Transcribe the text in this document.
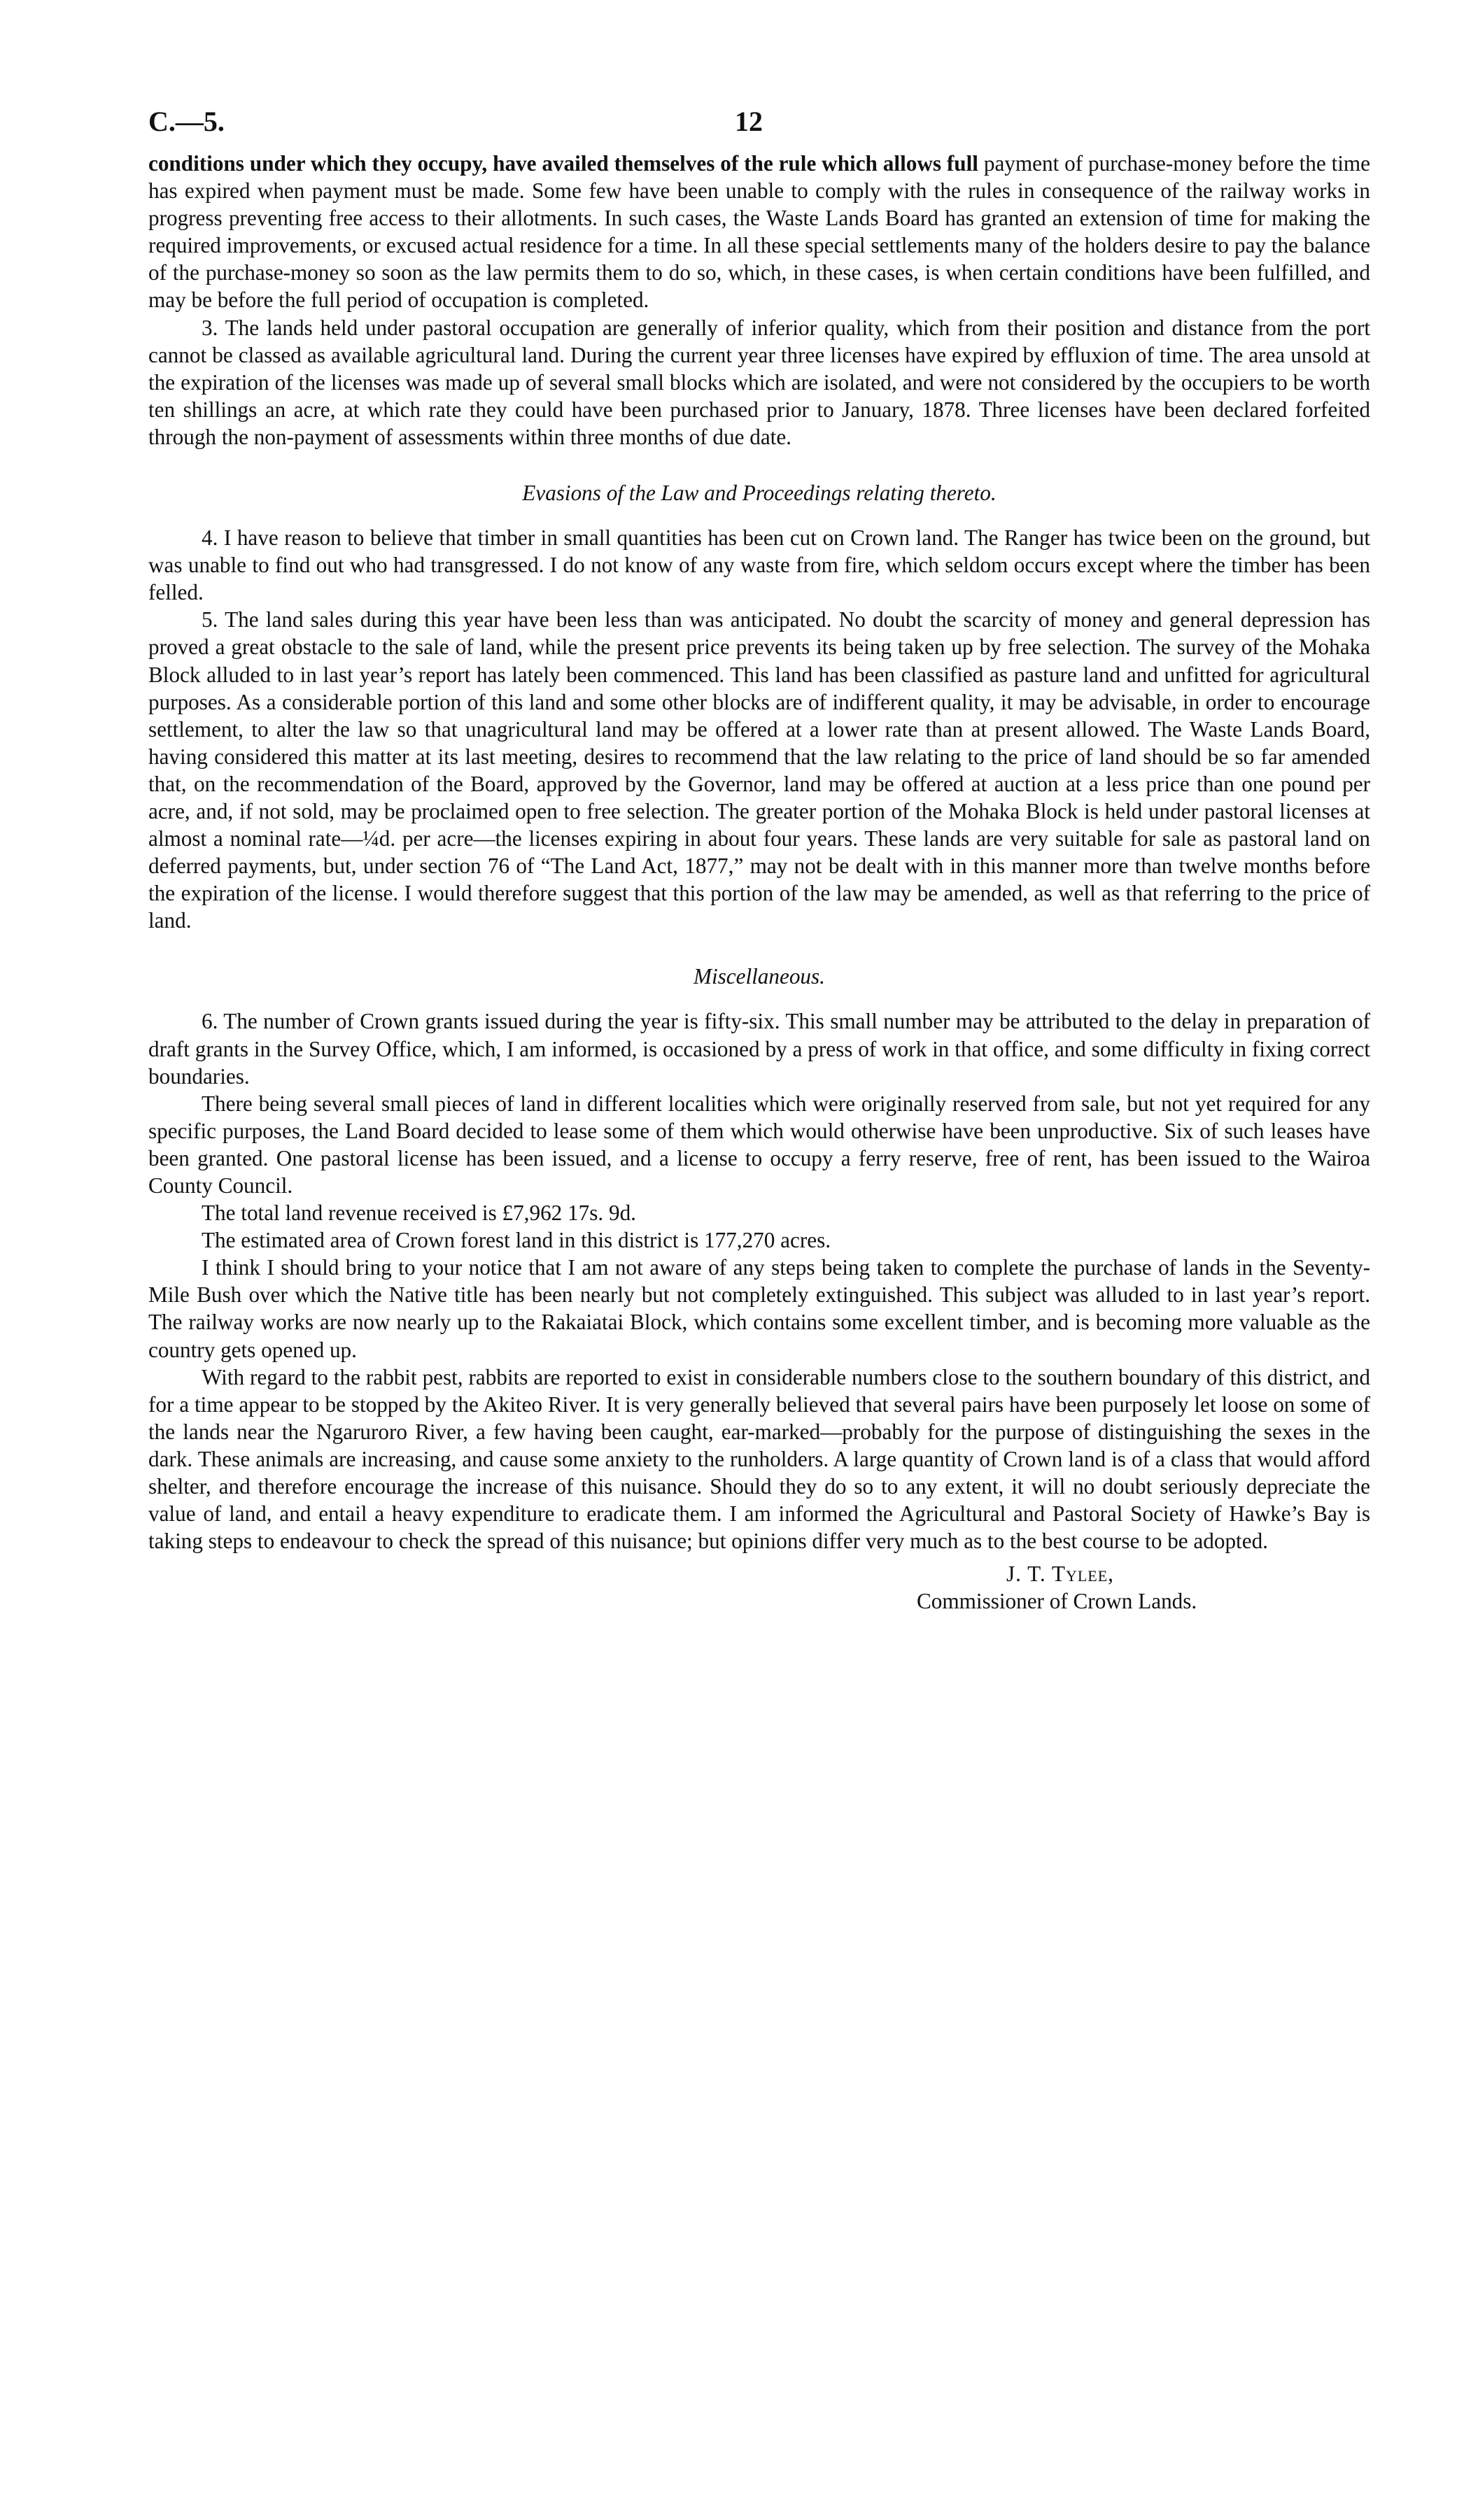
C.—5.	12

conditions under which they occupy, have availed themselves of the rule which allows full payment of purchase-money before the time has expired when payment must be made. Some few have been unable to comply with the rules in consequence of the railway works in progress preventing free access to their allotments. In such cases, the Waste Lands Board has granted an extension of time for making the required improvements, or excused actual residence for a time. In all these special settlements many of the holders desire to pay the balance of the purchase-money so soon as the law permits them to do so, which, in these cases, is when certain conditions have been fulfilled, and may be before the full period of occupation is completed.

3. The lands held under pastoral occupation are generally of inferior quality, which from their position and distance from the port cannot be classed as available agricultural land. During the current year three licenses have expired by effluxion of time. The area unsold at the expiration of the licenses was made up of several small blocks which are isolated, and were not considered by the occupiers to be worth ten shillings an acre, at which rate they could have been purchased prior to January, 1878. Three licenses have been declared forfeited through the non-payment of assessments within three months of due date.

Evasions of the Law and Proceedings relating thereto.

4. I have reason to believe that timber in small quantities has been cut on Crown land. The Ranger has twice been on the ground, but was unable to find out who had transgressed. I do not know of any waste from fire, which seldom occurs except where the timber has been felled.

5. The land sales during this year have been less than was anticipated. No doubt the scarcity of money and general depression has proved a great obstacle to the sale of land, while the present price prevents its being taken up by free selection. The survey of the Mohaka Block alluded to in last year’s report has lately been commenced. This land has been classified as pasture land and unfitted for agricultural purposes. As a considerable portion of this land and some other blocks are of indifferent quality, it may be advisable, in order to encourage settlement, to alter the law so that unagricultural land may be offered at a lower rate than at present allowed. The Waste Lands Board, having considered this matter at its last meeting, desires to recommend that the law relating to the price of land should be so far amended that, on the recommendation of the Board, approved by the Governor, land may be offered at auction at a less price than one pound per acre, and, if not sold, may be proclaimed open to free selection. The greater portion of the Mohaka Block is held under pastoral licenses at almost a nominal rate—¼d. per acre—the licenses expiring in about four years. These lands are very suitable for sale as pastoral land on deferred payments, but, under section 76 of “The Land Act, 1877,” may not be dealt with in this manner more than twelve months before the expiration of the license. I would therefore suggest that this portion of the law may be amended, as well as that referring to the price of land.

Miscellaneous.

6. The number of Crown grants issued during the year is fifty-six. This small number may be attributed to the delay in preparation of draft grants in the Survey Office, which, I am informed, is occasioned by a press of work in that office, and some difficulty in fixing correct boundaries.

There being several small pieces of land in different localities which were originally reserved from sale, but not yet required for any specific purposes, the Land Board decided to lease some of them which would otherwise have been unproductive. Six of such leases have been granted. One pastoral license has been issued, and a license to occupy a ferry reserve, free of rent, has been issued to the Wairoa County Council.

The total land revenue received is £7,962 17s. 9d.

The estimated area of Crown forest land in this district is 177,270 acres.

I think I should bring to your notice that I am not aware of any steps being taken to complete the purchase of lands in the Seventy-Mile Bush over which the Native title has been nearly but not completely extinguished. This subject was alluded to in last year’s report. The railway works are now nearly up to the Rakaiatai Block, which contains some excellent timber, and is becoming more valuable as the country gets opened up.

With regard to the rabbit pest, rabbits are reported to exist in considerable numbers close to the southern boundary of this district, and for a time appear to be stopped by the Akiteo River. It is very generally believed that several pairs have been purposely let loose on some of the lands near the Ngaruroro River, a few having been caught, ear-marked—probably for the purpose of distinguishing the sexes in the dark. These animals are increasing, and cause some anxiety to the runholders. A large quantity of Crown land is of a class that would afford shelter, and therefore encourage the increase of this nuisance. Should they do so to any extent, it will no doubt seriously depreciate the value of land, and entail a heavy expenditure to eradicate them. I am informed the Agricultural and Pastoral Society of Hawke’s Bay is taking steps to endeavour to check the spread of this nuisance; but opinions differ very much as to the best course to be adopted.

J. T. Tylee,
Commissioner of Crown Lands.
